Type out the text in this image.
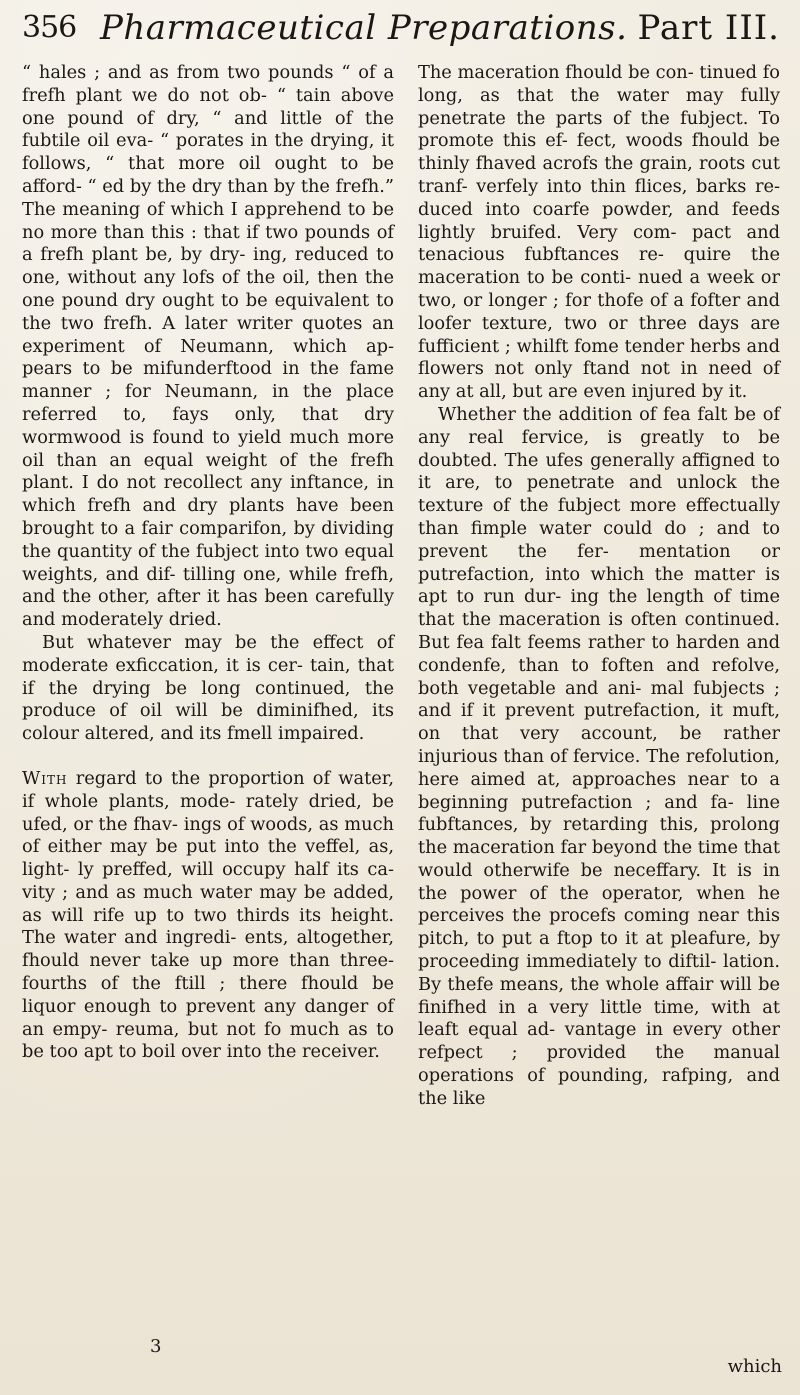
356 Pharmaceutical Preparations. Part III.

“ hales ; and as from two pounds “ of a frefh plant we do not ob- “ tain above one pound of dry, “ and little of the fubtile oil eva- “ porates in the drying, it follows, “ that more oil ought to be afford- “ ed by the dry than by the frefh.” The meaning of which I apprehend to be no more than this : that if two pounds of a frefh plant be, by dry- ing, reduced to one, without any lofs of the oil, then the one pound dry ought to be equivalent to the two frefh. A later writer quotes an experiment of Neumann, which ap- pears to be mifunderftood in the fame manner ; for Neumann, in the place referred to, fays only, that dry wormwood is found to yield much more oil than an equal weight of the frefh plant. I do not recollect any inftance, in which frefh and dry plants have been brought to a fair comparifon, by dividing the quantity of the fubject into two equal weights, and dif- tilling one, while frefh, and the other, after it has been carefully and moderately dried.

But whatever may be the effect of moderate exficcation, it is cer- tain, that if the drying be long continued, the produce of oil will be diminifhed, its colour altered, and its fmell impaired.

With regard to the proportion of water, if whole plants, mode- rately dried, be ufed, or the fhav- ings of woods, as much of either may be put into the veffel, as, light- ly preffed, will occupy half its ca- vity ; and as much water may be added, as will rife up to two thirds its height. The water and ingredi- ents, altogether, fhould never take up more than three-fourths of the ftill ; there fhould be liquor enough to prevent any danger of an empy- reuma, but not fo much as to be too apt to boil over into the receiver.

The maceration fhould be con- tinued fo long, as that the water may fully penetrate the parts of the fubject. To promote this ef- fect, woods fhould be thinly fhaved acrofs the grain, roots cut tranf- verfely into thin flices, barks re- duced into coarfe powder, and feeds lightly bruifed. Very com- pact and tenacious fubftances re- quire the maceration to be conti- nued a week or two, or longer ; for thofe of a fofter and loofer texture, two or three days are fufficient ; whilft fome tender herbs and flowers not only ftand not in need of any at all, but are even injured by it.

Whether the addition of fea falt be of any real fervice, is greatly to be doubted. The ufes generally affigned to it are, to penetrate and unlock the texture of the fubject more effectually than fimple water could do ; and to prevent the fer- mentation or putrefaction, into which the matter is apt to run dur- ing the length of time that the maceration is often continued. But fea falt feems rather to harden and condenfe, than to foften and refolve, both vegetable and ani- mal fubjects ; and if it prevent putrefaction, it muft, on that very account, be rather injurious than of fervice. The refolution, here aimed at, approaches near to a beginning putrefaction ; and fa- line fubftances, by retarding this, prolong the maceration far beyond the time that would otherwife be neceffary. It is in the power of the operator, when he perceives the procefs coming near this pitch, to put a ftop to it at pleafure, by proceeding immediately to diftil- lation. By thefe means, the whole affair will be finifhed in a very little time, with at leaft equal ad- vantage in every other refpect ; provided the manual operations of pounding, rafping, and the like

3
which
